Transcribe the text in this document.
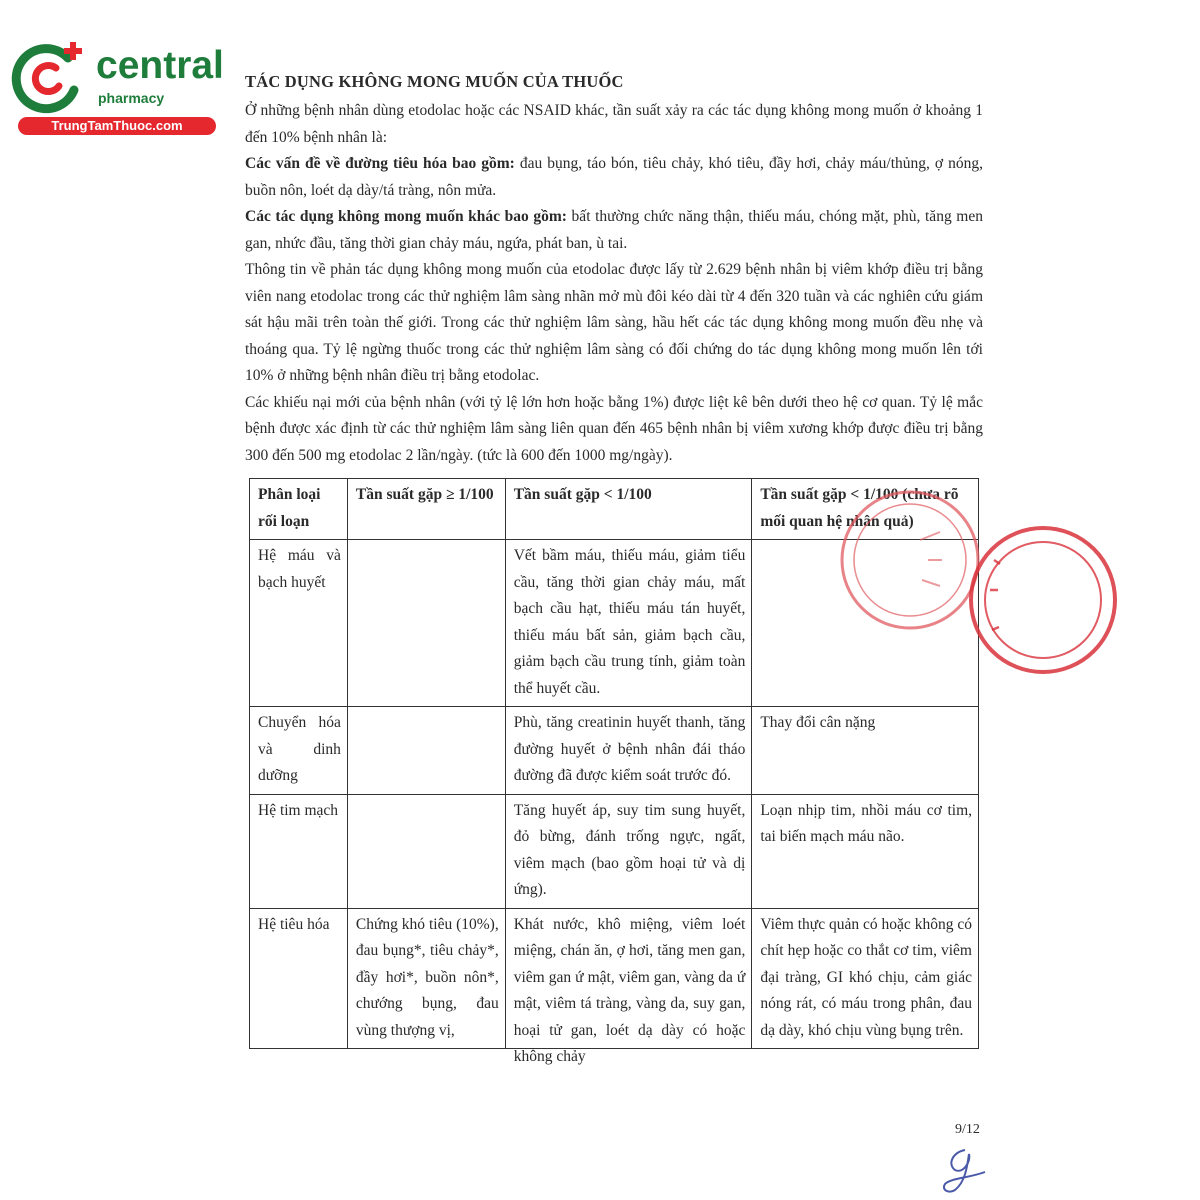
central
pharmacy
TrungTamThuoc.com
TÁC DỤNG KHÔNG MONG MUỐN CỦA THUỐC

Ở những bệnh nhân dùng etodolac hoặc các NSAID khác, tần suất xảy ra các tác dụng không mong muốn ở khoảng 1 đến 10% bệnh nhân là:

Các vấn đề về đường tiêu hóa bao gồm: đau bụng, táo bón, tiêu chảy, khó tiêu, đầy hơi, chảy máu/thủng, ợ nóng, buồn nôn, loét dạ dày/tá tràng, nôn mửa.

Các tác dụng không mong muốn khác bao gồm: bất thường chức năng thận, thiếu máu, chóng mặt, phù, tăng men gan, nhức đầu, tăng thời gian chảy máu, ngứa, phát ban, ù tai.

Thông tin về phản tác dụng không mong muốn của etodolac được lấy từ 2.629 bệnh nhân bị viêm khớp điều trị bằng viên nang etodolac trong các thử nghiệm lâm sàng nhãn mở mù đôi kéo dài từ 4 đến 320 tuần và các nghiên cứu giám sát hậu mãi trên toàn thế giới. Trong các thử nghiệm lâm sàng, hầu hết các tác dụng không mong muốn đều nhẹ và thoáng qua. Tỷ lệ ngừng thuốc trong các thử nghiệm lâm sàng có đối chứng do tác dụng không mong muốn lên tới 10% ở những bệnh nhân điều trị bằng etodolac.

Các khiếu nại mới của bệnh nhân (với tỷ lệ lớn hơn hoặc bằng 1%) được liệt kê bên dưới theo hệ cơ quan. Tỷ lệ mắc bệnh được xác định từ các thử nghiệm lâm sàng liên quan đến 465 bệnh nhân bị viêm xương khớp được điều trị bằng 300 đến 500 mg etodolac 2 lần/ngày. (tức là 600 đến 1000 mg/ngày).

Phân loại rối loạn	Tần suất gặp ≥ 1/100	Tần suất gặp < 1/100	Tần suất gặp < 1/100 (chưa rõ mối quan hệ nhân quả)
Hệ máu và bạch huyết		Vết bầm máu, thiếu máu, giảm tiểu cầu, tăng thời gian chảy máu, mất bạch cầu hạt, thiếu máu tán huyết, thiếu máu bất sản, giảm bạch cầu, giảm bạch cầu trung tính, giảm toàn thể huyết cầu.	
Chuyển hóa và dinh dưỡng		Phù, tăng creatinin huyết thanh, tăng đường huyết ở bệnh nhân đái tháo đường đã được kiểm soát trước đó.	Thay đổi cân nặng
Hệ tim mạch		Tăng huyết áp, suy tim sung huyết, đỏ bừng, đánh trống ngực, ngất, viêm mạch (bao gồm hoại tử và dị ứng).	Loạn nhịp tim, nhồi máu cơ tim, tai biến mạch máu não.
Hệ tiêu hóa	Chứng khó tiêu (10%), đau bụng*, tiêu chảy*, đầy hơi*, buồn nôn*, chướng bụng, đau vùng thượng vị,	Khát nước, khô miệng, viêm loét miệng, chán ăn, ợ hơi, tăng men gan, viêm gan ứ mật, viêm gan, vàng da ứ mật, viêm tá tràng, vàng da, suy gan, hoại tử gan, loét dạ dày có hoặc không chảy	Viêm thực quản có hoặc không có chít hẹp hoặc co thắt cơ tim, viêm đại tràng, GI khó chịu, cảm giác nóng rát, có máu trong phân, đau dạ dày, khó chịu vùng bụng trên.
9/12
